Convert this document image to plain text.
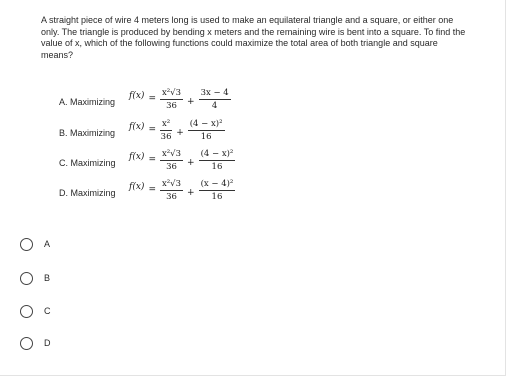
A straight piece of wire 4 meters long is used to make an equilateral triangle and a square, or either one only. The triangle is produced by bending x meters and the remaining wire is bent into a square. To find the value of x, which of the following functions could maximize the total area of both triangle and square means?
A. Maximizing
$f(x) = \frac{\text{x²√3}}{36} + \frac{3x - 4}{4}$
B. Maximizing
$f(x) = \frac{\text{x²}}{36} + \frac{\text{(4 − x)²}}{16}$
C. Maximizing
$f(x) = \frac{\text{x²√3}}{36} + \frac{\text{(4 − x)²}}{16}$
D. Maximizing
$f(x) = \frac{\text{x²√3}}{36} + \frac{\text{(x − 4)²}}{16}$
A
B
C
D
